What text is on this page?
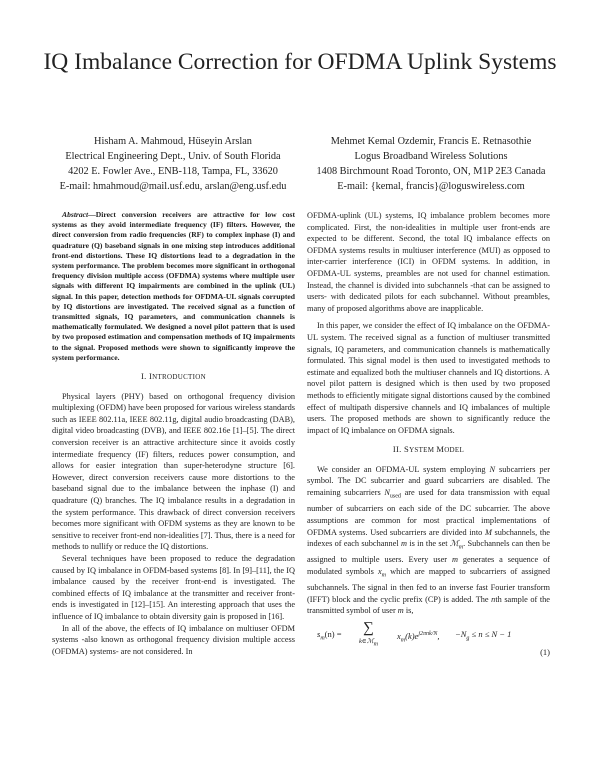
IQ Imbalance Correction for OFDMA Uplink Systems
Hisham A. Mahmoud, Hüseyin Arslan
Electrical Engineering Dept., Univ. of South Florida
4202 E. Fowler Ave., ENB-118, Tampa, FL, 33620
E-mail: hmahmoud@mail.usf.edu, arslan@eng.usf.edu
Mehmet Kemal Ozdemir, Francis E. Retnasothie
Logus Broadband Wireless Solutions
1408 Birchmount Road Toronto, ON, M1P 2E3 Canada
E-mail: {kemal, francis}@loguswireless.com

Abstract—Direct conversion receivers are attractive for low cost systems as they avoid intermediate frequency (IF) filters. However, the direct conversion from radio frequencies (RF) to complex inphase (I) and quadrature (Q) baseband signals in one mixing step introduces additional front-end distortions. These IQ distortions lead to a degradation in the system performance. The problem becomes more significant in orthogonal frequency division multiple access (OFDMA) systems where multiple user signals with different IQ impairments are combined in the uplink (UL) signal. In this paper, detection methods for OFDMA-UL signals corrupted by IQ distortions are investigated. The received signal as a function of transmitted signals, IQ parameters, and communication channels is mathematically formulated. We designed a novel pilot pattern that is used by two proposed estimation and compensation methods of IQ impairments to the signal. Proposed methods were shown to significantly improve the system performance.

I. INTRODUCTION

Physical layers (PHY) based on orthogonal frequency division multiplexing (OFDM) have been proposed for various wireless standards such as IEEE 802.11a, IEEE 802.11g, digital audio broadcasting (DAB), digital video broadcasting (DVB), and IEEE 802.16e [1]–[5]. The direct conversion receiver is an attractive architecture since it avoids costly intermediate frequency (IF) filters, reduces power consumption, and allows for easier integration than super-heterodyne structure [6]. However, direct conversion receivers cause more distortions to the baseband signal due to the imbalance between the inphase (I) and quadrature (Q) branches. The IQ imbalance results in a degradation in the system performance. This drawback of direct conversion receivers becomes more significant with OFDM systems as they are known to be sensitive to receiver front-end non-idealities [7]. Thus, there is a need for methods to nullify or reduce the IQ distortions.

Several techniques have been proposed to reduce the degradation caused by IQ imbalance in OFDM-based systems [8]. In [9]–[11], the IQ imbalance caused by the receiver front-end is investigated. The combined effects of IQ imbalance at the transmitter and receiver front-ends is investigated in [12]–[15]. An interesting approach that uses the influence of IQ imbalance to obtain diversity gain is proposed in [16].

In all of the above, the effects of IQ imbalance on multiuser OFDM systems -also known as orthogonal frequency division multiple access (OFDMA) systems- are not considered. In

OFDMA-uplink (UL) systems, IQ imbalance problem becomes more complicated. First, the non-idealities in multiple user front-ends are expected to be different. Second, the total IQ imbalance effects on OFDMA systems results in multiuser interference (MUI) as opposed to inter-carrier interference (ICI) in OFDM systems. In addition, in OFDMA-UL systems, preambles are not used for channel estimation. Instead, the channel is divided into subchannels -that can be assigned to users- with dedicated pilots for each subchannel. Without preambles, many of proposed algorithms above are inapplicable.

In this paper, we consider the effect of IQ imbalance on the OFDMA-UL system. The received signal as a function of multiuser transmitted signals, IQ parameters, and communication channels is mathematically formulated. This signal model is then used to investigated methods to estimate and equalized both the multiuser channels and IQ distortions. A novel pilot pattern is designed which is then used by two proposed methods to efficiently mitigate signal distortions caused by the combined effect of multipath dispersive channels and IQ imbalances of multiple users. The proposed methods are shown to significantly reduce the impact of IQ imbalance on OFDMA signals.

II. SYSTEM MODEL

We consider an OFDMA-UL system employing N subcarriers per symbol. The DC subcarrier and guard subcarriers are disabled. The remaining subcarriers $N_{used}$ are used for data transmission with equal number of subcarriers on each side of the DC subcarrier. The above assumptions are common for most practical implementations of OFDMA systems. Used subcarriers are divided into M subchannels, the indexes of each subchannel m is in the set ℳ$_m$. Subchannels can then be assigned to multiple users. Every user m generates a sequence of modulated symbols $x_m$ which are mapped to subcarriers of assigned subchannels. The signal in then fed to an inverse fast Fourier transform (IFFT) block and the cyclic prefix (CP) is added. The nth sample of the transmitted symbol of user m is,

$s_m(n)$ = ∑
k∈ℳ$_m$
$x_m(k)e^{j2\pi nk/N}$, $-N_g \le n \le N - 1$
(1)
